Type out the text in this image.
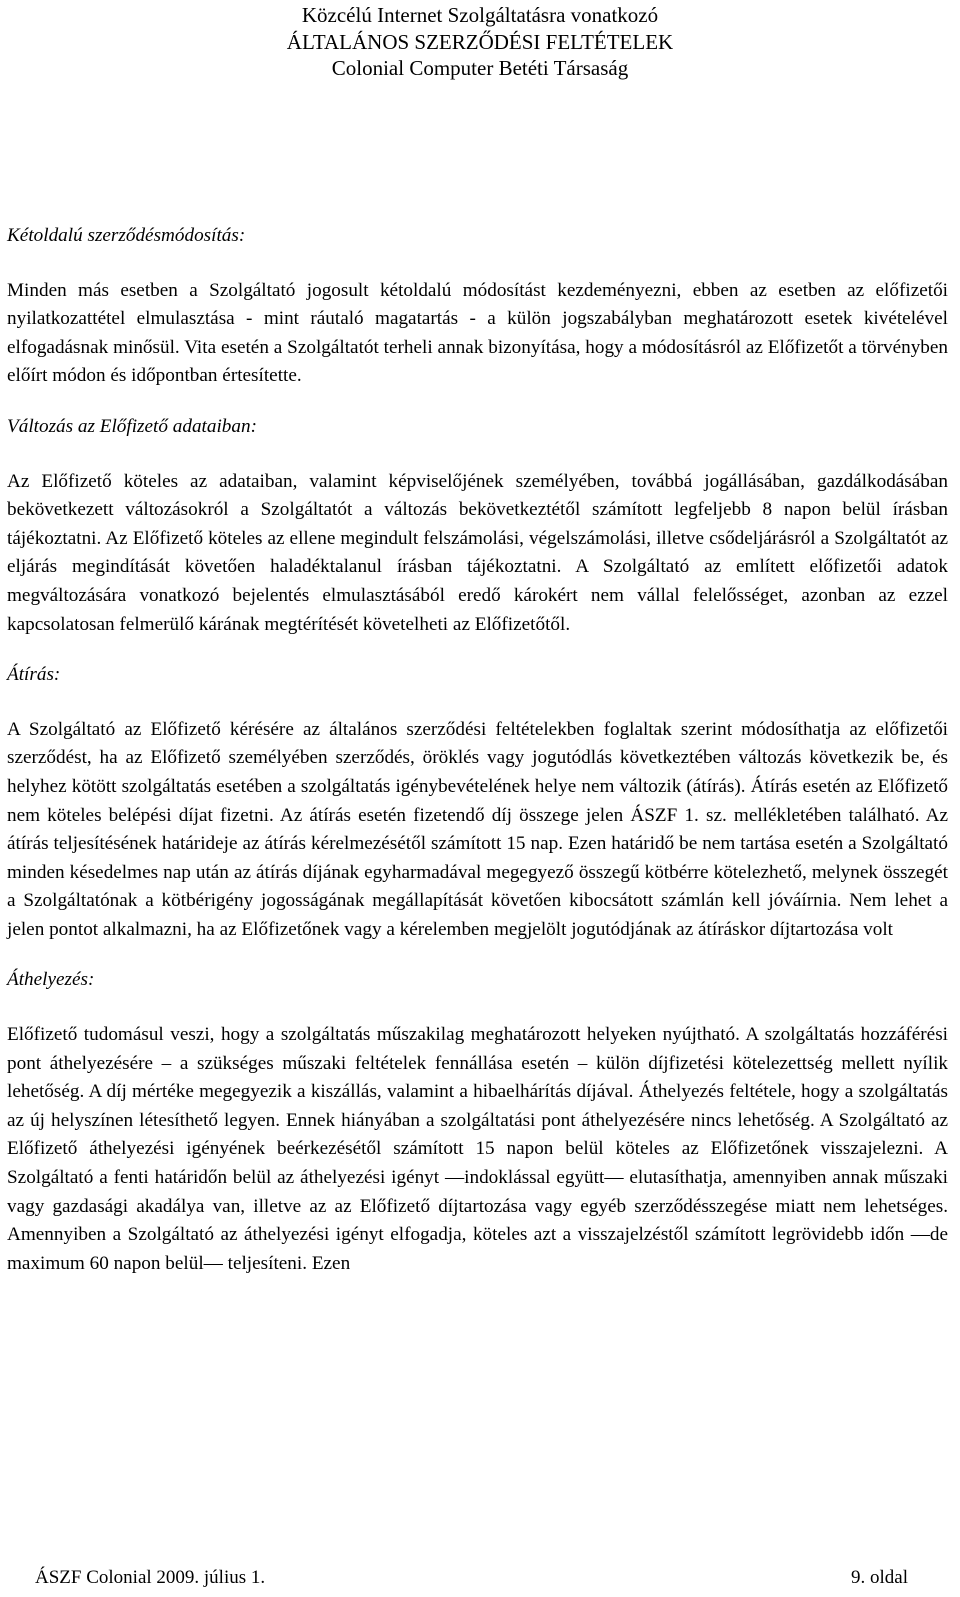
Közcélú Internet Szolgáltatásra vonatkozó
ÁLTALÁNOS SZERZŐDÉSI FELTÉTELEK
Colonial Computer Betéti Társaság

Kétoldalú szerződésmódosítás:

Minden más esetben a Szolgáltató jogosult kétoldalú módosítást kezdeményezni, ebben az esetben az előfizetői nyilatkozattétel elmulasztása - mint ráutaló magatartás - a külön jogszabályban meghatározott esetek kivételével elfogadásnak minősül. Vita esetén a Szolgáltatót terheli annak bizonyítása, hogy a módosításról az Előfizetőt a törvényben előírt módon és időpontban értesítette.

Változás az Előfizető adataiban:

Az Előfizető köteles az adataiban, valamint képviselőjének személyében, továbbá jogállásában, gazdálkodásában bekövetkezett változásokról a Szolgáltatót a változás bekövetkeztétől számított legfeljebb 8 napon belül írásban tájékoztatni. Az Előfizető köteles az ellene megindult felszámolási, végelszámolási, illetve csődeljárásról a Szolgáltatót az eljárás megindítását követően haladéktalanul írásban tájékoztatni. A Szolgáltató az említett előfizetői adatok megváltozására vonatkozó bejelentés elmulasztásából eredő károkért nem vállal felelősséget, azonban az ezzel kapcsolatosan felmerülő kárának megtérítését követelheti az Előfizetőtől.

Átírás:

A Szolgáltató az Előfizető kérésére az általános szerződési feltételekben foglaltak szerint módosíthatja az előfizetői szerződést, ha az Előfizető személyében szerződés, öröklés vagy jogutódlás következtében változás következik be, és helyhez kötött szolgáltatás esetében a szolgáltatás igénybevételének helye nem változik (átírás). Átírás esetén az Előfizető nem köteles belépési díjat fizetni. Az átírás esetén fizetendő díj összege jelen ÁSZF 1. sz. mellékletében található. Az átírás teljesítésének határideje az átírás kérelmezésétől számított 15 nap. Ezen határidő be nem tartása esetén a Szolgáltató minden késedelmes nap után az átírás díjának egyharmadával megegyező összegű kötbérre kötelezhető, melynek összegét a Szolgáltatónak a kötbérigény jogosságának megállapítását követően kibocsátott számlán kell jóváírnia. Nem lehet a jelen pontot alkalmazni, ha az Előfizetőnek vagy a kérelemben megjelölt jogutódjának az átíráskor díjtartozása volt

Áthelyezés:

Előfizető tudomásul veszi, hogy a szolgáltatás műszakilag meghatározott helyeken nyújtható. A szolgáltatás hozzáférési pont áthelyezésére – a szükséges műszaki feltételek fennállása esetén – külön díjfizetési kötelezettség mellett nyílik lehetőség. A díj mértéke megegyezik a kiszállás, valamint a hibaelhárítás díjával. Áthelyezés feltétele, hogy a szolgáltatás az új helyszínen létesíthető legyen. Ennek hiányában a szolgáltatási pont áthelyezésére nincs lehetőség. A Szolgáltató az Előfizető áthelyezési igényének beérkezésétől számított 15 napon belül köteles az Előfizetőnek visszajelezni. A Szolgáltató a fenti határidőn belül az áthelyezési igényt —indoklással együtt— elutasíthatja, amennyiben annak műszaki vagy gazdasági akadálya van, illetve az az Előfizető díjtartozása vagy egyéb szerződésszegése miatt nem lehetséges. Amennyiben a Szolgáltató az áthelyezési igényt elfogadja, köteles azt a visszajelzéstől számított legrövidebb időn —de maximum 60 napon belül— teljesíteni. Ezen

ÁSZF Colonial 2009. július 1.	9. oldal
